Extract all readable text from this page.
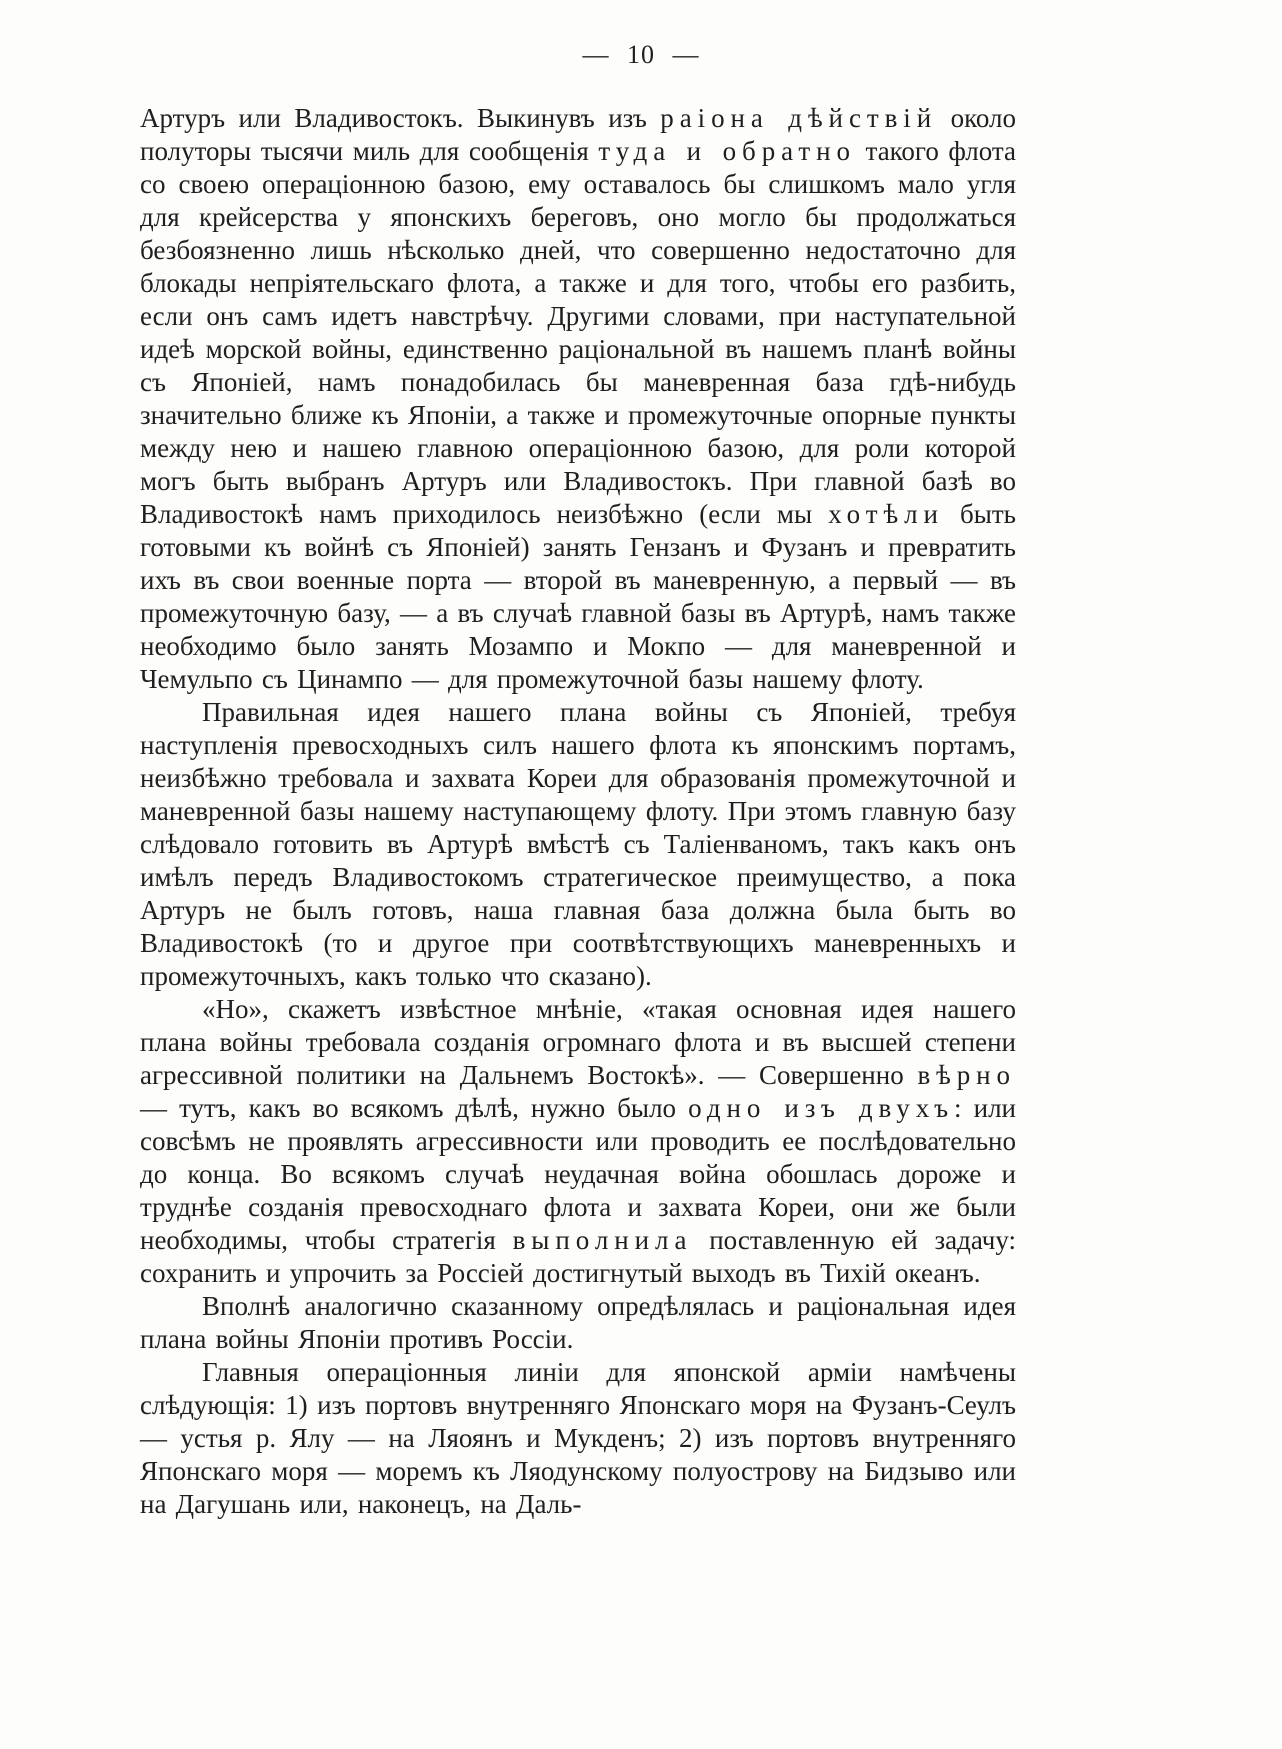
— 10 —

Артуръ или Владивостокъ. Выкинувъ изъ раіона дѣйствій около полуторы тысячи миль для сообщенія туда и обратно такого флота со своею операціонною базою, ему оставалось бы слишкомъ мало угля для крейсерства у японскихъ береговъ, оно могло бы продолжаться безбоязненно лишь нѣсколько дней, что совершенно недостаточно для блокады непріятельскаго флота, а также и для того, чтобы его разбить, если онъ самъ идетъ навстрѣчу. Другими словами, при наступательной идеѣ морской войны, единственно раціональной въ нашемъ планѣ войны съ Японіей, намъ понадобилась бы маневренная база гдѣ-нибудь значительно ближе къ Японіи, а также и промежуточные опорные пункты между нею и нашею главною операціонною базою, для роли которой могъ быть выбранъ Артуръ или Владивостокъ. При главной базѣ во Владивостокѣ намъ приходилось неизбѣжно (если мы хотѣли быть готовыми къ войнѣ съ Японіей) занять Гензанъ и Фузанъ и превратить ихъ въ свои военные порта — второй въ маневренную, а первый — въ промежуточную базу, — а въ случаѣ главной базы въ Артурѣ, намъ также необходимо было занять Мозампо и Мокпо — для маневренной и Чемульпо съ Цинампо — для промежуточной базы нашему флоту.

Правильная идея нашего плана войны съ Японіей, требуя наступленія превосходныхъ силъ нашего флота къ японскимъ портамъ, неизбѣжно требовала и захвата Кореи для образованія промежуточной и маневренной базы нашему наступающему флоту. При этомъ главную базу слѣдовало готовить въ Артурѣ вмѣстѣ съ Таліенваномъ, такъ какъ онъ имѣлъ передъ Владивостокомъ стратегическое преимущество, а пока Артуръ не былъ готовъ, наша главная база должна была быть во Владивостокѣ (то и другое при соотвѣтствующихъ маневренныхъ и промежуточныхъ, какъ только что сказано).

«Но», скажетъ извѣстное мнѣніе, «такая основная идея нашего плана войны требовала созданія огромнаго флота и въ высшей степени агрессивной политики на Дальнемъ Востокѣ». — Совершенно вѣрно — тутъ, какъ во всякомъ дѣлѣ, нужно было одно изъ двухъ: или совсѣмъ не проявлять агрессивности или проводить ее послѣдовательно до конца. Во всякомъ случаѣ неудачная война обошлась дороже и труднѣе созданія превосходнаго флота и захвата Кореи, они же были необходимы, чтобы стратегія выполнила поставленную ей задачу: сохранить и упрочить за Россіей достигнутый выходъ въ Тихій океанъ.

Вполнѣ аналогично сказанному опредѣлялась и раціональная идея плана войны Японіи противъ Россіи.

Главныя операціонныя линіи для японской арміи намѣчены слѣдующія: 1) изъ портовъ внутренняго Японскаго моря на Фузанъ-Сеулъ — устья р. Ялу — на Ляоянъ и Мукденъ; 2) изъ портовъ внутренняго Японскаго моря — моремъ къ Ляодунскому полуострову на Бидзыво или на Дагушань или, наконецъ, на Даль-
